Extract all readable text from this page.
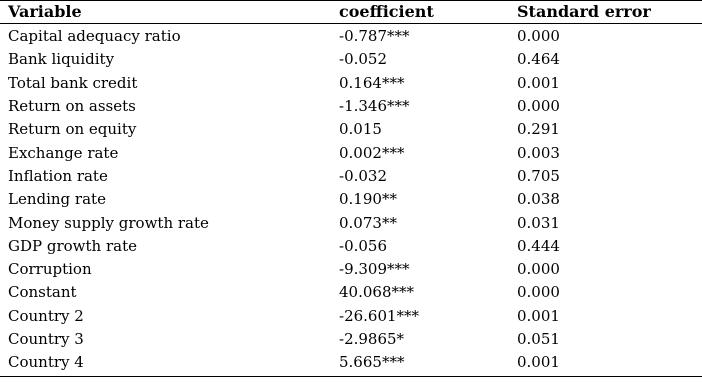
Variable	coefficient	Standard error
Capital adequacy ratio	-0.787***	0.000
Bank liquidity	-0.052	0.464
Total bank credit	0.164***	0.001
Return on assets	-1.346***	0.000
Return on equity	0.015	0.291
Exchange rate	0.002***	0.003
Inflation rate	-0.032	0.705
Lending rate	0.190**	0.038
Money supply growth rate	0.073**	0.031
GDP growth rate	-0.056	0.444
Corruption	-9.309***	0.000
Constant	40.068***	0.000
Country 2	-26.601***	0.001
Country 3	-2.9865*	0.051
Country 4	5.665***	0.001
